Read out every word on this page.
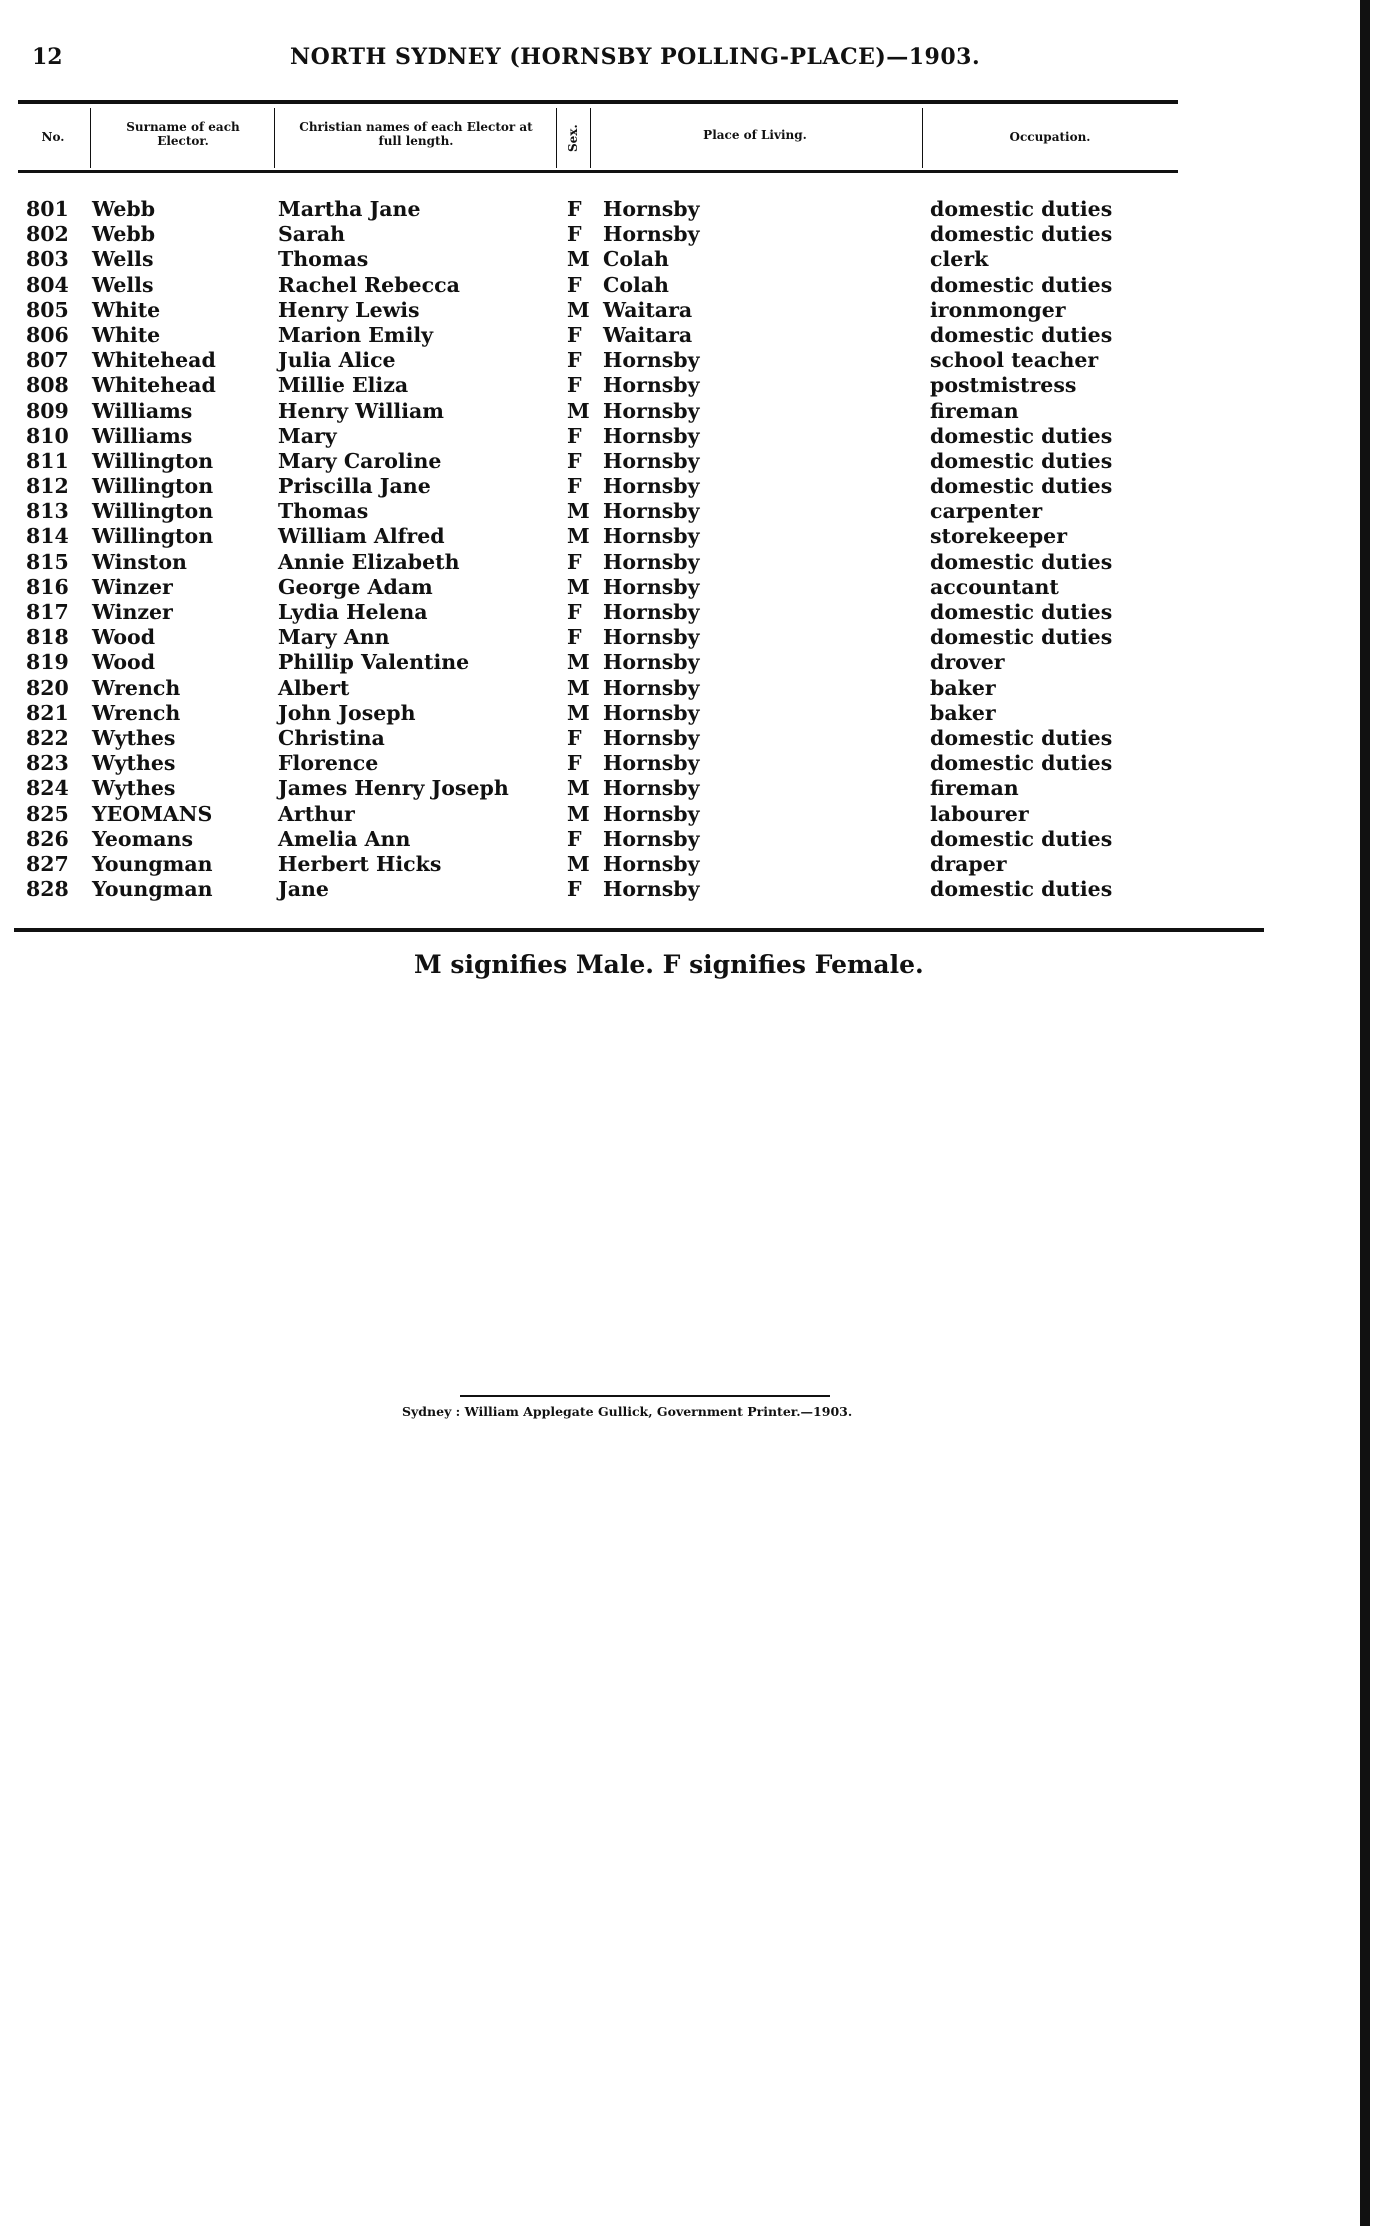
12	NORTH SYDNEY (HORNSBY POLLING-PLACE)—1903.
No.
Surname of each Elector.
Christian names of each Elector at full length.	Sex.	Place of Living.	Occupation.
801 Webb	Martha Jane	F Hornsby	domestic duties
802 Webb	Sarah	F Hornsby	domestic duties
803 Wells	Thomas	M Colah	clerk
804 Wells	Rachel Rebecca	F Colah	domestic duties
805 White	Henry Lewis	M Waitara	ironmonger
806 White	Marion Emily	F Waitara	domestic duties
807 Whitehead	Julia Alice	F Hornsby	school teacher
808 Whitehead	Millie Eliza	F Hornsby	postmistress
809 Williams	Henry William	M Hornsby	fireman
810 Williams	Mary	F Hornsby	domestic duties
811 Willington	Mary Caroline	F Hornsby	domestic duties
812 Willington	Priscilla Jane	F Hornsby	domestic duties
813 Willington	Thomas	M Hornsby	carpenter
814 Willington	William Alfred	M Hornsby	storekeeper
815 Winston	Annie Elizabeth	F Hornsby	domestic duties
816 Winzer	George Adam	M Hornsby	accountant
817 Winzer	Lydia Helena	F Hornsby	domestic duties
818 Wood	Mary Ann	F Hornsby	domestic duties
819 Wood	Phillip Valentine	M Hornsby	drover
820 Wrench	Albert	M Hornsby	baker
821 Wrench	John Joseph	M Hornsby	baker
822 Wythes	Christina	F Hornsby	domestic duties
823 Wythes	Florence	F Hornsby	domestic duties
824 Wythes	James Henry Joseph	M Hornsby	fireman
825 YEOMANS	Arthur	M Hornsby	labourer
826 Yeomans	Amelia Ann	F Hornsby	domestic duties
827 Youngman	Herbert Hicks	M Hornsby	draper
828 Youngman	Jane	F Hornsby	domestic duties
M signifies Male. F signifies Female.
Sydney : William Applegate Gullick, Government Printer.—1903.
